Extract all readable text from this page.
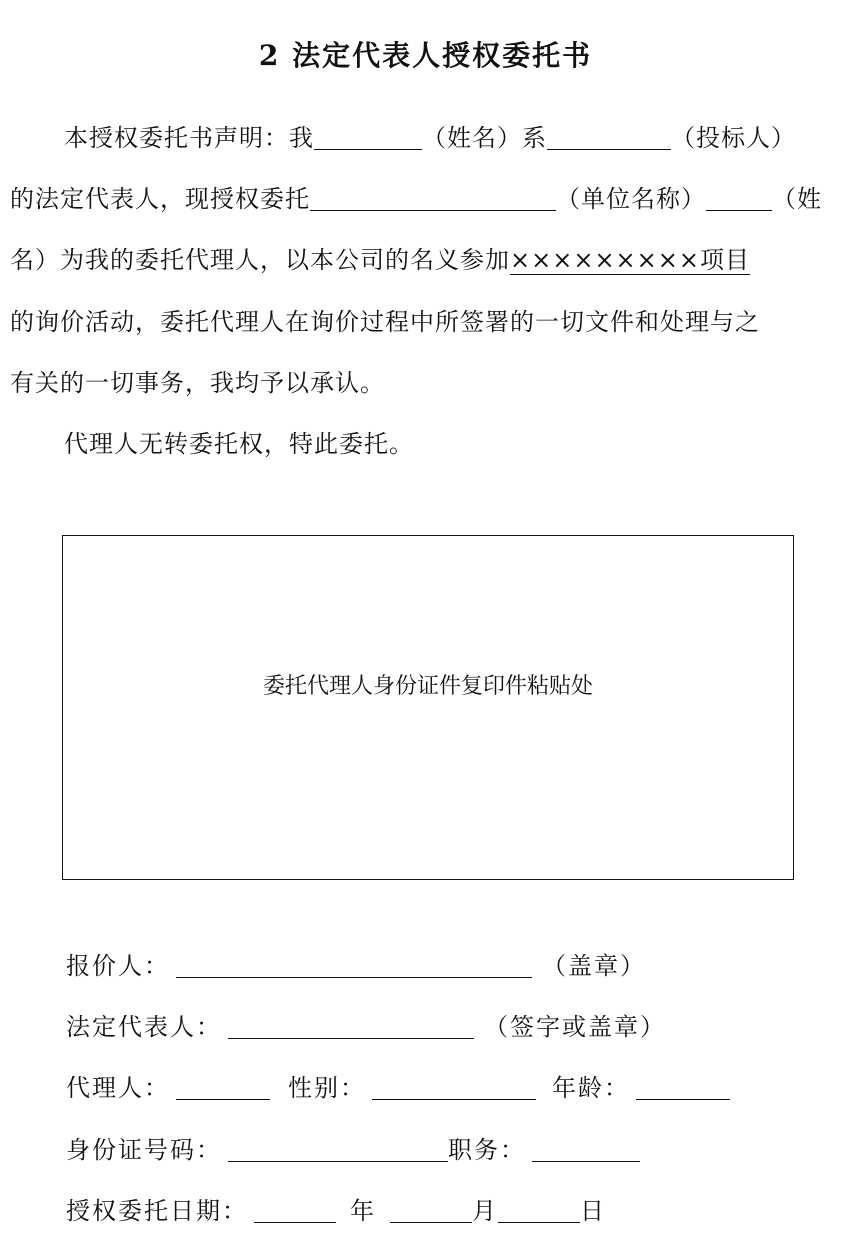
2 法定代表人授权委托书
本授权委托书声明：我	（姓名）系	（投标人）
的法定代表人，现授权委托	（单位名称）	（姓
名）为我的委托代理人，以本公司的名义参加×××××××××项目
的询价活动，委托代理人在询价过程中所签署的一切文件和处理与之
有关的一切事务，我均予以承认。
代理人无转委托权，特此委托。
委托代理人身份证件复印件粘贴处
报价人：	（盖章）
法定代表人：	（签字或盖章）
代理人：	性别：	年龄：
身份证号码：	职务：
授权委托日期：	年	月	日
